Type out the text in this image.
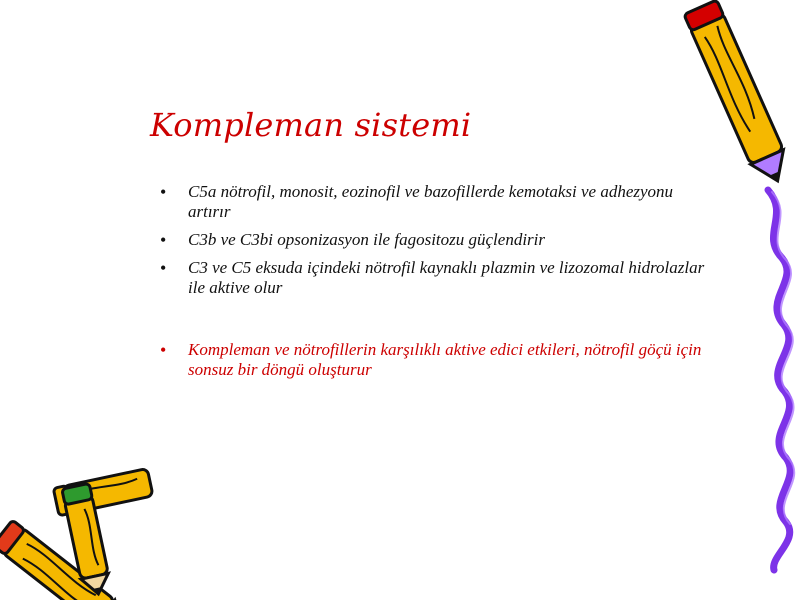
Kompleman sistemi
•	C5a nötrofil, monosit, eozinofil ve bazofillerde kemotaksi ve adhezyonu artırır
•	C3b ve C3bi opsonizasyon ile fagositozu güçlendirir
•	C3 ve C5 eksuda içindeki nötrofil kaynaklı plazmin ve lizozomal hidrolazlar ile aktive olur
•	Kompleman ve nötrofillerin karşılıklı aktive edici etkileri, nötrofil göçü için sonsuz bir döngü oluşturur
